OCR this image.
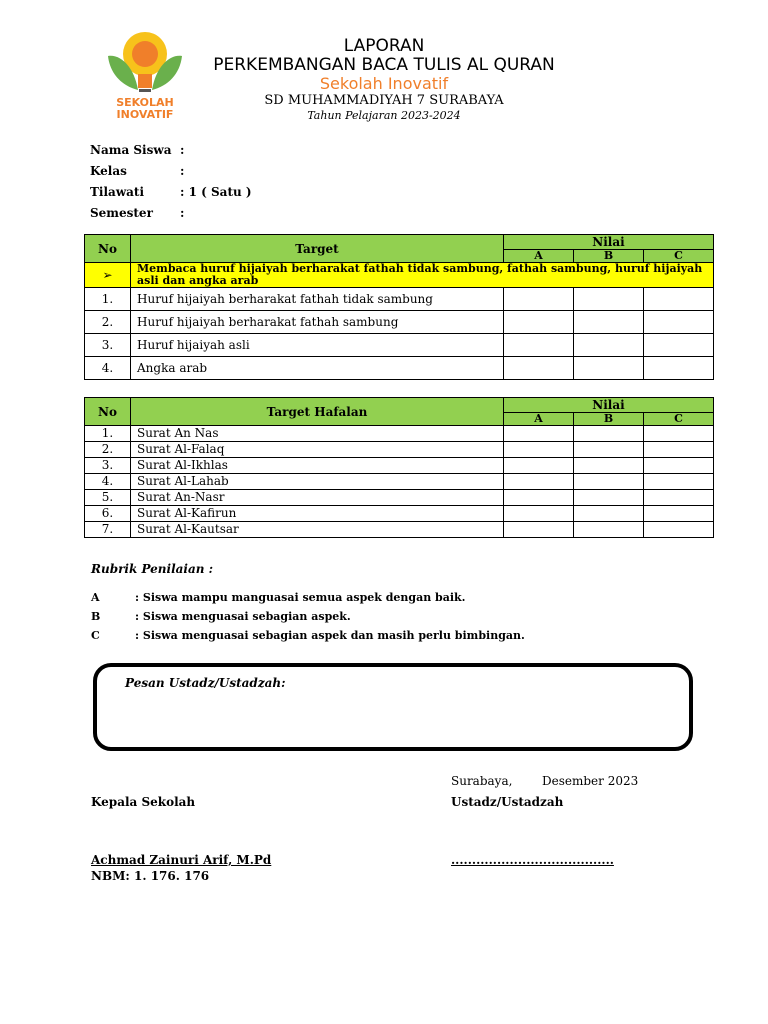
SEKOLAH
INOVATIF
LAPORAN
PERKEMBANGAN BACA TULIS AL QURAN
Sekolah Inovatif
SD MUHAMMADIYAH 7 SURABAYA
Tahun Pelajaran 2023-2024
Nama Siswa :
Kelas	:
Tilawati	: 1 ( Satu )
Semester :
No	Target	Nilai		
		A	B	C
➢	Membaca huruf hijaiyah berharakat fathah tidak sambung, fathah sambung, huruf hijaiyah asli dan angka arab			
1.	Huruf hijaiyah berharakat fathah tidak sambung			
2.	Huruf hijaiyah berharakat fathah sambung			
3.	Huruf hijaiyah asli			
4.	Angka arab			
No	Target Hafalan	Nilai		
		A	B	C
1.	Surat An Nas			
2.	Surat Al-Falaq			
3.	Surat Al-Ikhlas			
4.	Surat Al-Lahab			
5.	Surat An-Nasr			
6.	Surat Al-Kafirun			
7.	Surat Al-Kautsar			
Rubrik Penilaian :
A	: Siswa mampu manguasai semua aspek dengan baik.
B	: Siswa menguasai sebagian aspek.
C	: Siswa menguasai sebagian aspek dan masih perlu bimbingan.
Pesan Ustadz/Ustadzah:
Surabaya, Desember 2023
Kepala Sekolah	Ustadz/Ustadzah
Achmad Zainuri Arif, M.Pd	.......................................
NBM: 1. 176. 176
